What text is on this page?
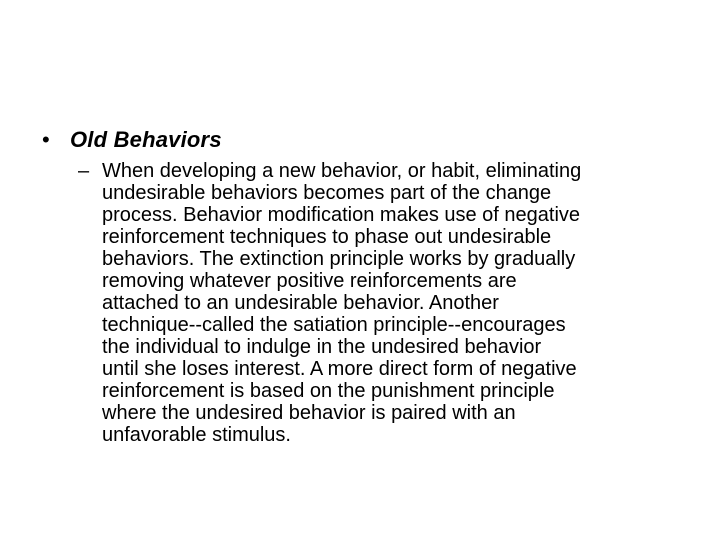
• Old Behaviors
– When developing a new behavior, or habit, eliminating
undesirable behaviors becomes part of the change
process. Behavior modification makes use of negative
reinforcement techniques to phase out undesirable
behaviors. The extinction principle works by gradually
removing whatever positive reinforcements are
attached to an undesirable behavior. Another
technique--called the satiation principle--encourages
the individual to indulge in the undesired behavior
until she loses interest. A more direct form of negative
reinforcement is based on the punishment principle
where the undesired behavior is paired with an
unfavorable stimulus.
